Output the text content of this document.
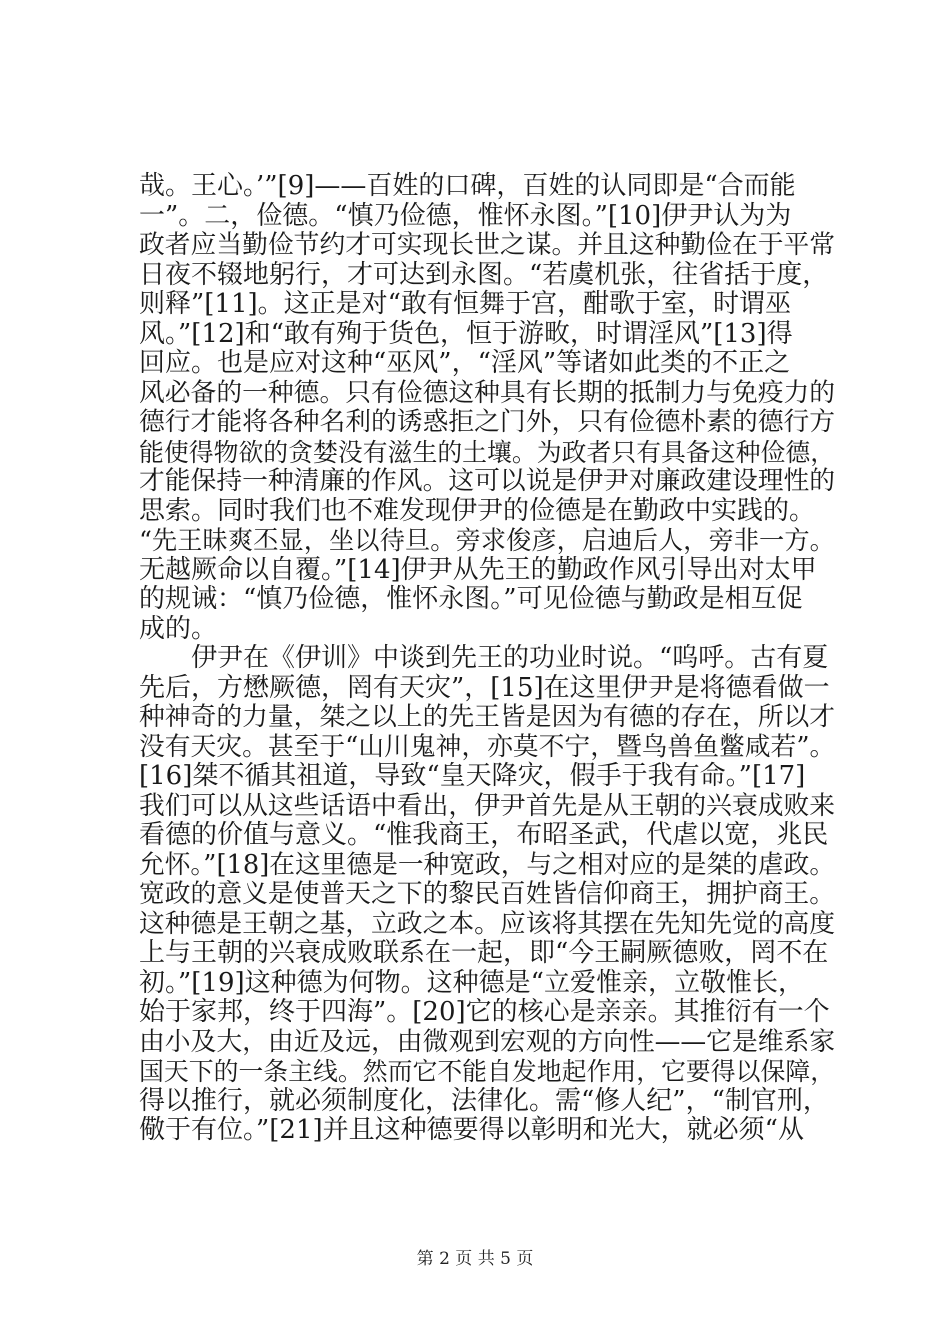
哉。王心。’”[9]——百姓的口碑，百姓的认同即是“合而能
一”。二，俭德。“慎乃俭德，惟怀永图。”[10]伊尹认为为
政者应当勤俭节约才可实现长世之谋。并且这种勤俭在于平常
日夜不辍地躬行，才可达到永图。“若虞机张，往省括于度，
则释”[11]。这正是对“敢有恒舞于宫，酣歌于室，时谓巫
风。”[12]和“敢有殉于货色，恒于游畋，时谓淫风”[13]得
回应。也是应对这种“巫风”，“淫风”等诸如此类的不正之
风必备的一种德。只有俭德这种具有长期的抵制力与免疫力的
德行才能将各种名利的诱惑拒之门外，只有俭德朴素的德行方
能使得物欲的贪婪没有滋生的土壤。为政者只有具备这种俭德，
才能保持一种清廉的作风。这可以说是伊尹对廉政建设理性的
思索。同时我们也不难发现伊尹的俭德是在勤政中实践的。
“先王昧爽丕显，坐以待旦。旁求俊彦，启迪后人，旁非一方。
无越厥命以自覆。”[14]伊尹从先王的勤政作风引导出对太甲
的规诫：“慎乃俭德，惟怀永图。”可见俭德与勤政是相互促
成的。
　　伊尹在《伊训》中谈到先王的功业时说。“呜呼。古有夏
先后，方懋厥德，罔有天灾”，[15]在这里伊尹是将德看做一
种神奇的力量，桀之以上的先王皆是因为有德的存在，所以才
没有天灾。甚至于“山川鬼神，亦莫不宁，暨鸟兽鱼鳖咸若”。
[16]桀不循其祖道，导致“皇天降灾，假手于我有命。”[17]
我们可以从这些话语中看出，伊尹首先是从王朝的兴衰成败来
看德的价值与意义。“惟我商王，布昭圣武，代虐以宽，兆民
允怀。”[18]在这里德是一种宽政，与之相对应的是桀的虐政。
宽政的意义是使普天之下的黎民百姓皆信仰商王，拥护商王。
这种德是王朝之基，立政之本。应该将其摆在先知先觉的高度
上与王朝的兴衰成败联系在一起，即“今王嗣厥德败，罔不在
初。”[19]这种德为何物。这种德是“立爱惟亲，立敬惟长，
始于家邦，终于四海”。[20]它的核心是亲亲。其推衍有一个
由小及大，由近及远，由微观到宏观的方向性——它是维系家
国天下的一条主线。然而它不能自发地起作用，它要得以保障，
得以推行，就必须制度化，法律化。需“修人纪”，“制官刑，
儆于有位。”[21]并且这种德要得以彰明和光大，就必须“从
第 2 页 共 5 页
